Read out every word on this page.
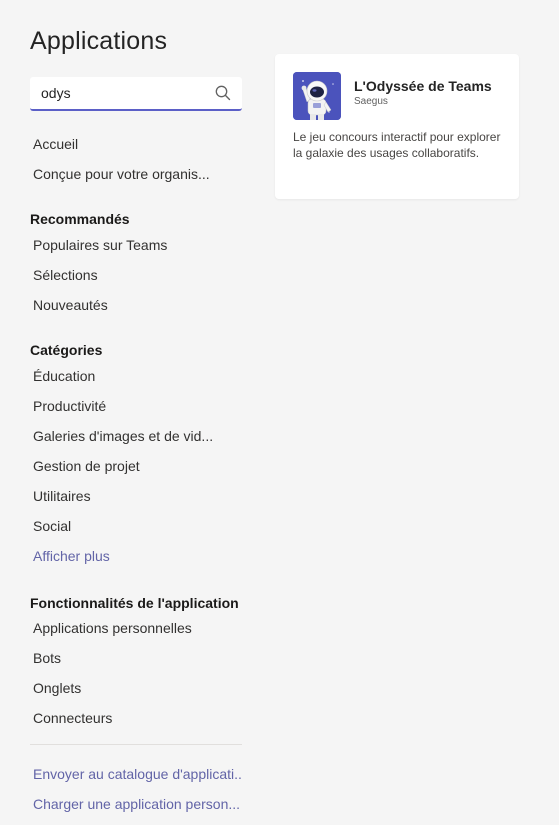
Applications
odys
Accueil
Conçue pour votre organis...
Recommandés
Populaires sur Teams
Sélections
Nouveautés
Catégories
Éducation
Productivité
Galeries d'images et de vid...
Gestion de projet
Utilitaires
Social
Afficher plus
Fonctionnalités de l'application
Applications personnelles
Bots
Onglets
Connecteurs
Envoyer au catalogue d'applicati..
Charger une application person...
L'Odyssée de Teams
Saegus
Le jeu concours interactif pour explorer la galaxie des usages collaboratifs.
